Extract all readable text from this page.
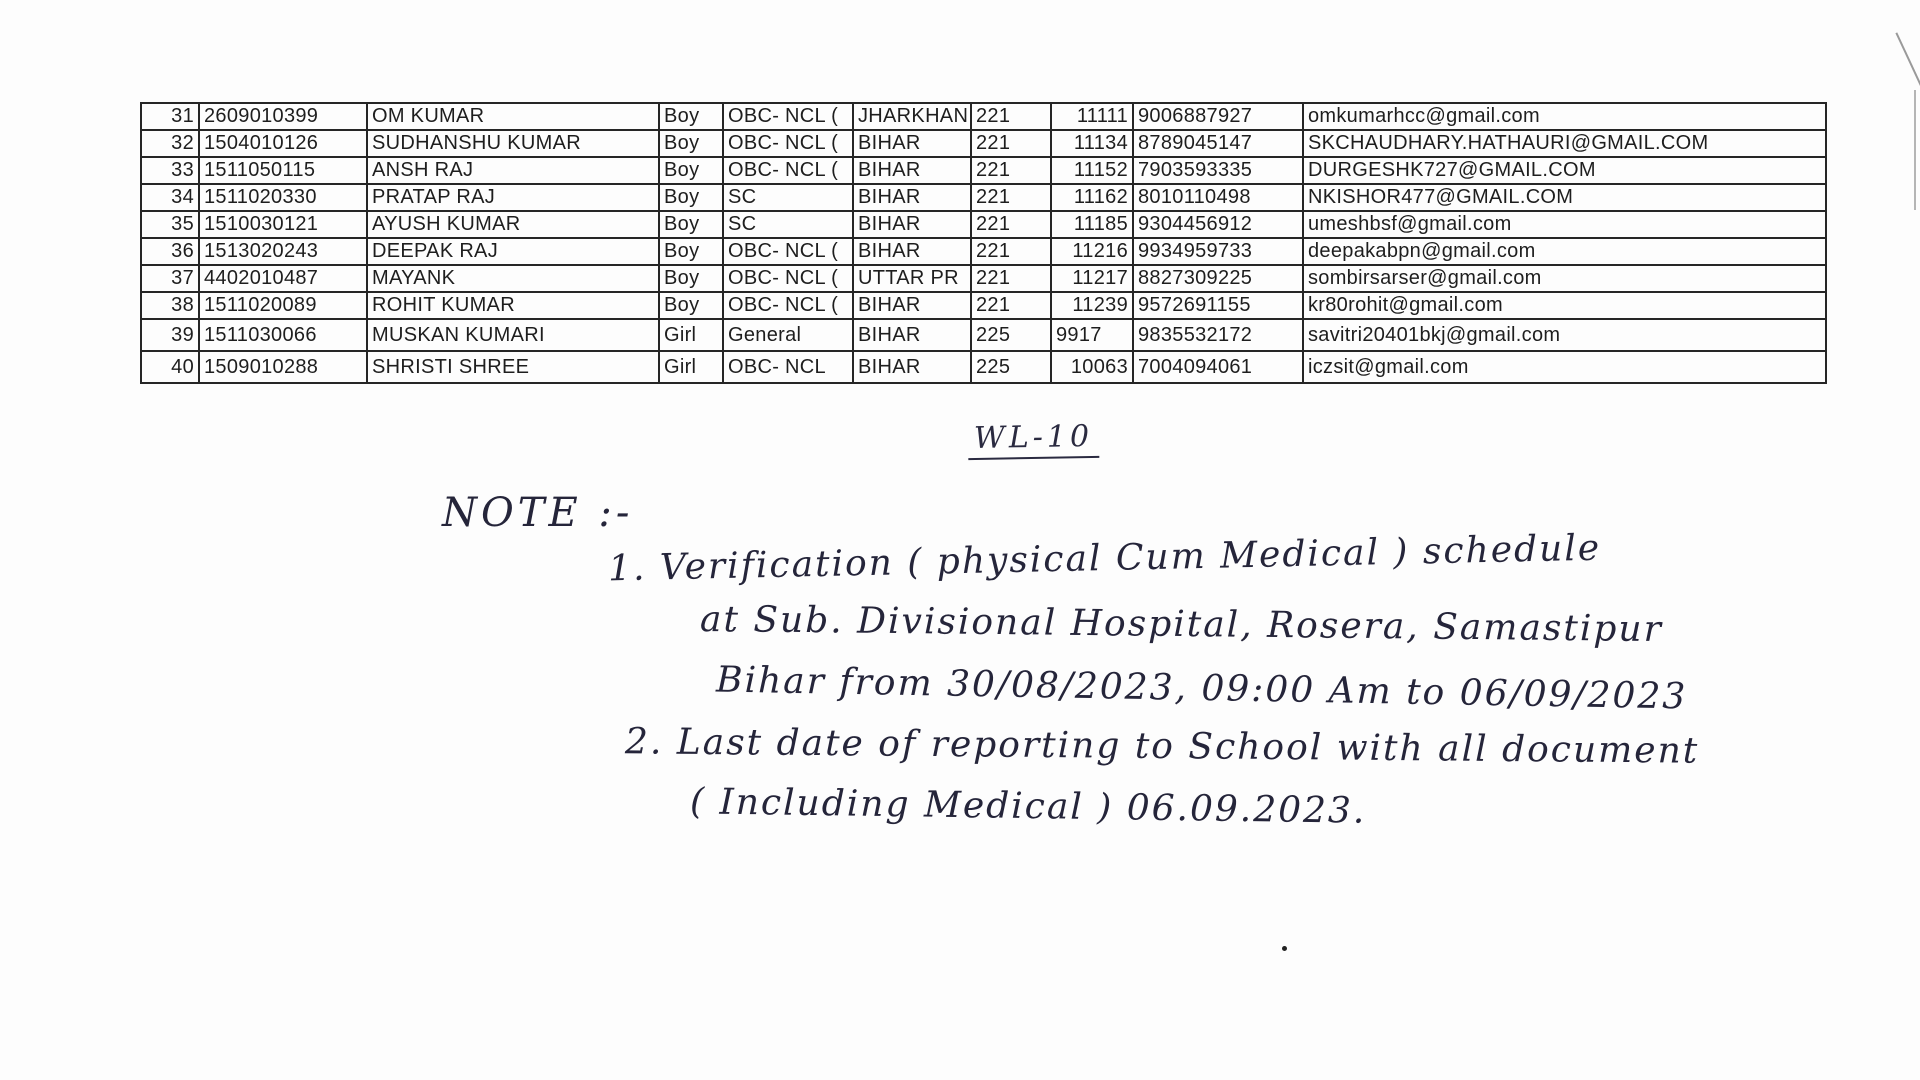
31	2609010399	OM KUMAR	Boy	OBC- NCL (	JHARKHAN	221	11111	9006887927	omkumarhcc@gmail.com
32	1504010126	SUDHANSHU KUMAR	Boy	OBC- NCL (	BIHAR	221	11134	8789045147	SKCHAUDHARY.HATHAURI@GMAIL.COM
33	1511050115	ANSH RAJ	Boy	OBC- NCL (	BIHAR	221	11152	7903593335	DURGESHK727@GMAIL.COM
34	1511020330	PRATAP RAJ	Boy	SC	BIHAR	221	11162	8010110498	NKISHOR477@GMAIL.COM
35	1510030121	AYUSH KUMAR	Boy	SC	BIHAR	221	11185	9304456912	umeshbsf@gmail.com
36	1513020243	DEEPAK RAJ	Boy	OBC- NCL (	BIHAR	221	11216	9934959733	deepakabpn@gmail.com
37	4402010487	MAYANK	Boy	OBC- NCL (	UTTAR PR	221	11217	8827309225	sombirsarser@gmail.com
38	1511020089	ROHIT KUMAR	Boy	OBC- NCL (	BIHAR	221	11239	9572691155	kr80rohit@gmail.com
39	1511030066	MUSKAN KUMARI	Girl	General	BIHAR	225	9917	9835532172	savitri20401bkj@gmail.com
40	1509010288	SHRISTI SHREE	Girl	OBC- NCL	BIHAR	225	10063	7004094061	iczsit@gmail.com
WL-10
NOTE :-
1. Verification ( physical Cum Medical ) schedule
at Sub. Divisional Hospital, Rosera, Samastipur
Bihar from 30/08/2023, 09:00 Am to 06/09/2023
2. Last date of reporting to School with all document
( Including Medical ) 06.09.2023.
